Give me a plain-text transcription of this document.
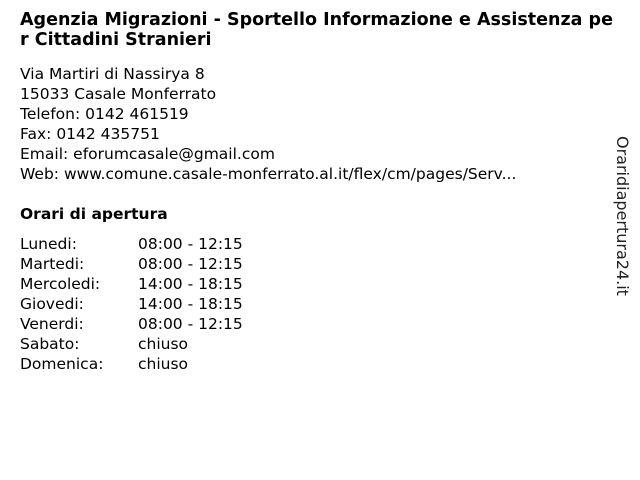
Agenzia Migrazioni - Sportello Informazione e Assistenza per Cittadini Stranieri
Via Martiri di Nassirya 8
15033 Casale Monferrato
Telefon: 0142 461519
Fax: 0142 435751
Email: eforumcasale@gmail.com
Web: www.comune.casale-monferrato.al.it/flex/cm/pages/Serv...
Orari di apertura
Lunedi:	08:00 - 12:15
Martedi:	08:00 - 12:15
Mercoledi:	14:00 - 18:15
Giovedi:	14:00 - 18:15
Venerdi:	08:00 - 12:15
Sabato:	chiuso
Domenica:	chiuso
Oraridiapertura24.it
